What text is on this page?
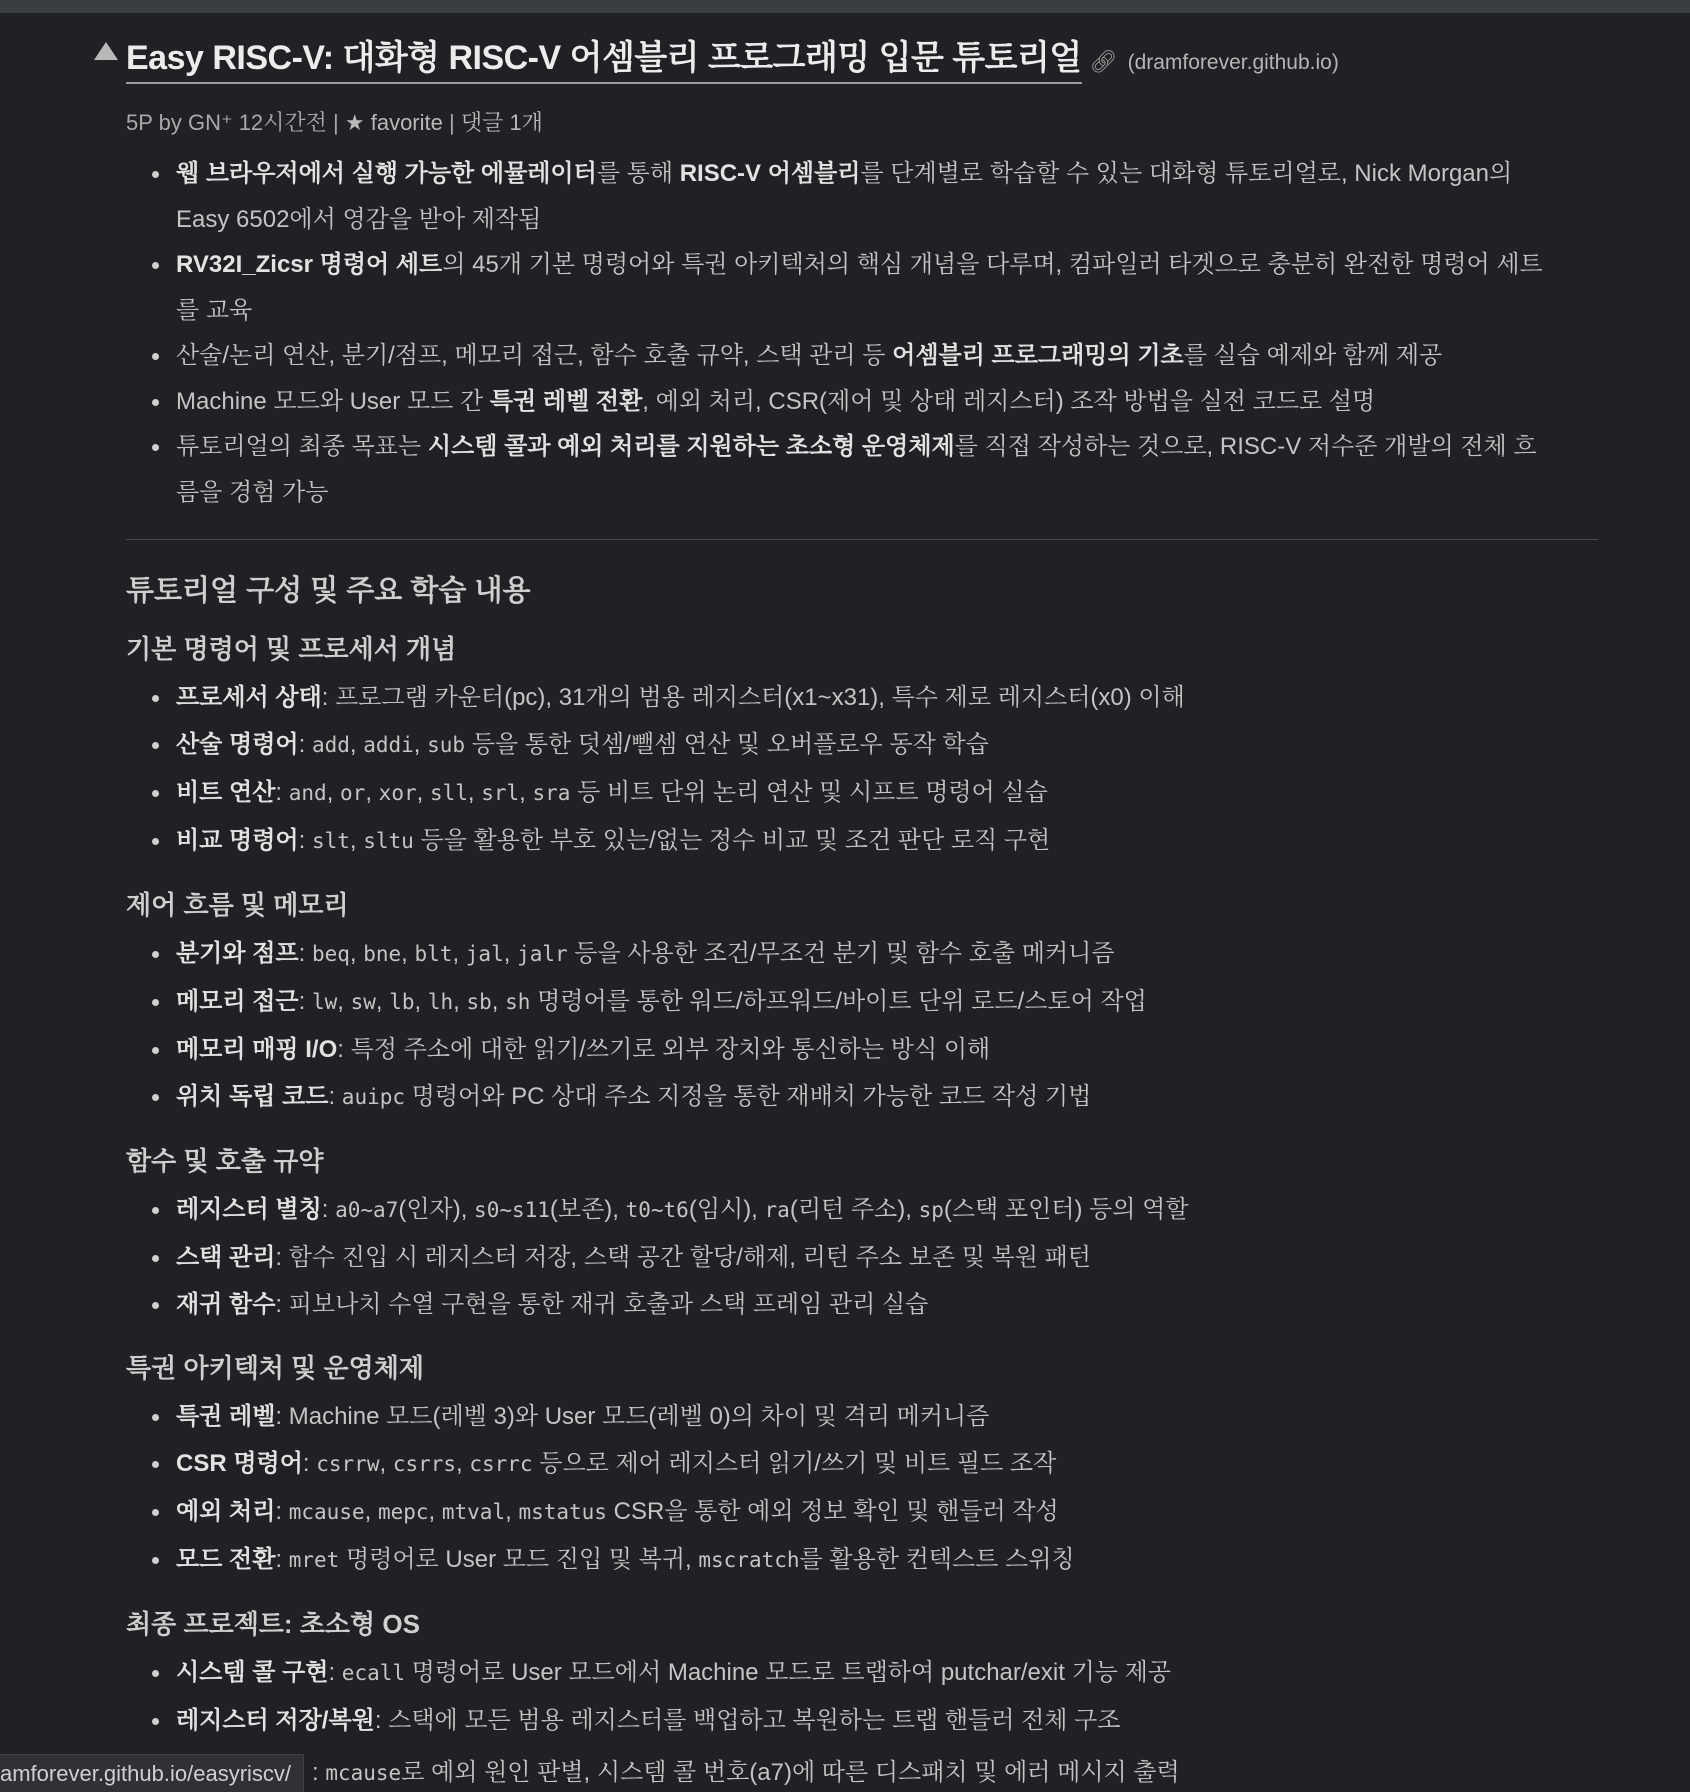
Easy RISC-V: 대화형 RISC-V 어셈블리 프로그래밍 입문 튜토리얼 🔗︎ (dramforever.github.io)
5P by GN⁺ 12시간전 | ★ favorite | 댓글 1개
웹 브라우저에서 실행 가능한 에뮬레이터를 통해 RISC-V 어셈블리를 단계별로 학습할 수 있는 대화형 튜토리얼로, Nick Morgan의 Easy 6502에서 영감을 받아 제작됨
RV32I_Zicsr 명령어 세트의 45개 기본 명령어와 특권 아키텍처의 핵심 개념을 다루며, 컴파일러 타겟으로 충분히 완전한 명령어 세트를 교육
산술/논리 연산, 분기/점프, 메모리 접근, 함수 호출 규약, 스택 관리 등 어셈블리 프로그래밍의 기초를 실습 예제와 함께 제공
Machine 모드와 User 모드 간 특권 레벨 전환, 예외 처리, CSR(제어 및 상태 레지스터) 조작 방법을 실전 코드로 설명
튜토리얼의 최종 목표는 시스템 콜과 예외 처리를 지원하는 초소형 운영체제를 직접 작성하는 것으로, RISC-V 저수준 개발의 전체 흐름을 경험 가능
튜토리얼 구성 및 주요 학습 내용
기본 명령어 및 프로세서 개념
프로세서 상태: 프로그램 카운터(pc), 31개의 범용 레지스터(x1~x31), 특수 제로 레지스터(x0) 이해
산술 명령어: add, addi, sub 등을 통한 덧셈/뺄셈 연산 및 오버플로우 동작 학습
비트 연산: and, or, xor, sll, srl, sra 등 비트 단위 논리 연산 및 시프트 명령어 실습
비교 명령어: slt, sltu 등을 활용한 부호 있는/없는 정수 비교 및 조건 판단 로직 구현
제어 흐름 및 메모리
분기와 점프: beq, bne, blt, jal, jalr 등을 사용한 조건/무조건 분기 및 함수 호출 메커니즘
메모리 접근: lw, sw, lb, lh, sb, sh 명령어를 통한 워드/하프워드/바이트 단위 로드/스토어 작업
메모리 매핑 I/O: 특정 주소에 대한 읽기/쓰기로 외부 장치와 통신하는 방식 이해
위치 독립 코드: auipc 명령어와 PC 상대 주소 지정을 통한 재배치 가능한 코드 작성 기법
함수 및 호출 규약
레지스터 별칭: a0~a7(인자), s0~s11(보존), t0~t6(임시), ra(리턴 주소), sp(스택 포인터) 등의 역할
스택 관리: 함수 진입 시 레지스터 저장, 스택 공간 할당/해제, 리턴 주소 보존 및 복원 패턴
재귀 함수: 피보나치 수열 구현을 통한 재귀 호출과 스택 프레임 관리 실습
특권 아키텍처 및 운영체제
특권 레벨: Machine 모드(레벨 3)와 User 모드(레벨 0)의 차이 및 격리 메커니즘
CSR 명령어: csrrw, csrrs, csrrc 등으로 제어 레지스터 읽기/쓰기 및 비트 필드 조작
예외 처리: mcause, mepc, mtval, mstatus CSR을 통한 예외 정보 확인 및 핸들러 작성
모드 전환: mret 명령어로 User 모드 진입 및 복귀, mscratch를 활용한 컨텍스트 스위칭
최종 프로젝트: 초소형 OS
시스템 콜 구현: ecall 명령어로 User 모드에서 Machine 모드로 트랩하여 putchar/exit 기능 제공
레지스터 저장/복원: 스택에 모든 범용 레지스터를 백업하고 복원하는 트랩 핸들러 전체 구조
: mcause로 예외 원인 판별, 시스템 콜 번호(a7)에 따른 디스패치 및 에러 메시지 출력
amforever.github.io/easyriscv/
